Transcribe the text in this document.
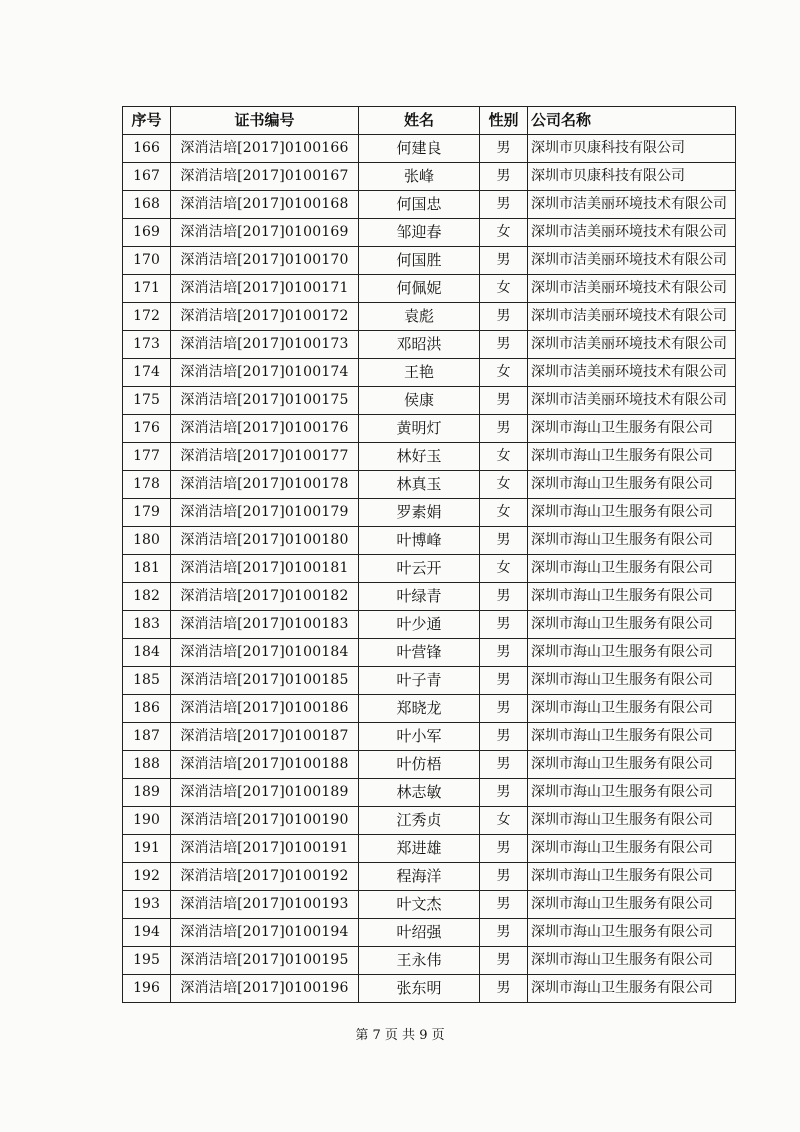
序号	证书编号	姓名	性别	公司名称
166	深消洁培[2017]0100166	何建良	男	深圳市贝康科技有限公司
167	深消洁培[2017]0100167	张峰	男	深圳市贝康科技有限公司
168	深消洁培[2017]0100168	何国忠	男	深圳市洁美丽环境技术有限公司
169	深消洁培[2017]0100169	邹迎春	女	深圳市洁美丽环境技术有限公司
170	深消洁培[2017]0100170	何国胜	男	深圳市洁美丽环境技术有限公司
171	深消洁培[2017]0100171	何佩妮	女	深圳市洁美丽环境技术有限公司
172	深消洁培[2017]0100172	袁彪	男	深圳市洁美丽环境技术有限公司
173	深消洁培[2017]0100173	邓昭洪	男	深圳市洁美丽环境技术有限公司
174	深消洁培[2017]0100174	王艳	女	深圳市洁美丽环境技术有限公司
175	深消洁培[2017]0100175	侯康	男	深圳市洁美丽环境技术有限公司
176	深消洁培[2017]0100176	黄明灯	男	深圳市海山卫生服务有限公司
177	深消洁培[2017]0100177	林好玉	女	深圳市海山卫生服务有限公司
178	深消洁培[2017]0100178	林真玉	女	深圳市海山卫生服务有限公司
179	深消洁培[2017]0100179	罗素娟	女	深圳市海山卫生服务有限公司
180	深消洁培[2017]0100180	叶博峰	男	深圳市海山卫生服务有限公司
181	深消洁培[2017]0100181	叶云开	女	深圳市海山卫生服务有限公司
182	深消洁培[2017]0100182	叶绿青	男	深圳市海山卫生服务有限公司
183	深消洁培[2017]0100183	叶少通	男	深圳市海山卫生服务有限公司
184	深消洁培[2017]0100184	叶营锋	男	深圳市海山卫生服务有限公司
185	深消洁培[2017]0100185	叶子青	男	深圳市海山卫生服务有限公司
186	深消洁培[2017]0100186	郑晓龙	男	深圳市海山卫生服务有限公司
187	深消洁培[2017]0100187	叶小军	男	深圳市海山卫生服务有限公司
188	深消洁培[2017]0100188	叶仿梧	男	深圳市海山卫生服务有限公司
189	深消洁培[2017]0100189	林志敏	男	深圳市海山卫生服务有限公司
190	深消洁培[2017]0100190	江秀贞	女	深圳市海山卫生服务有限公司
191	深消洁培[2017]0100191	郑进雄	男	深圳市海山卫生服务有限公司
192	深消洁培[2017]0100192	程海洋	男	深圳市海山卫生服务有限公司
193	深消洁培[2017]0100193	叶文杰	男	深圳市海山卫生服务有限公司
194	深消洁培[2017]0100194	叶绍强	男	深圳市海山卫生服务有限公司
195	深消洁培[2017]0100195	王永伟	男	深圳市海山卫生服务有限公司
196	深消洁培[2017]0100196	张东明	男	深圳市海山卫生服务有限公司
第 7 页 共 9 页
